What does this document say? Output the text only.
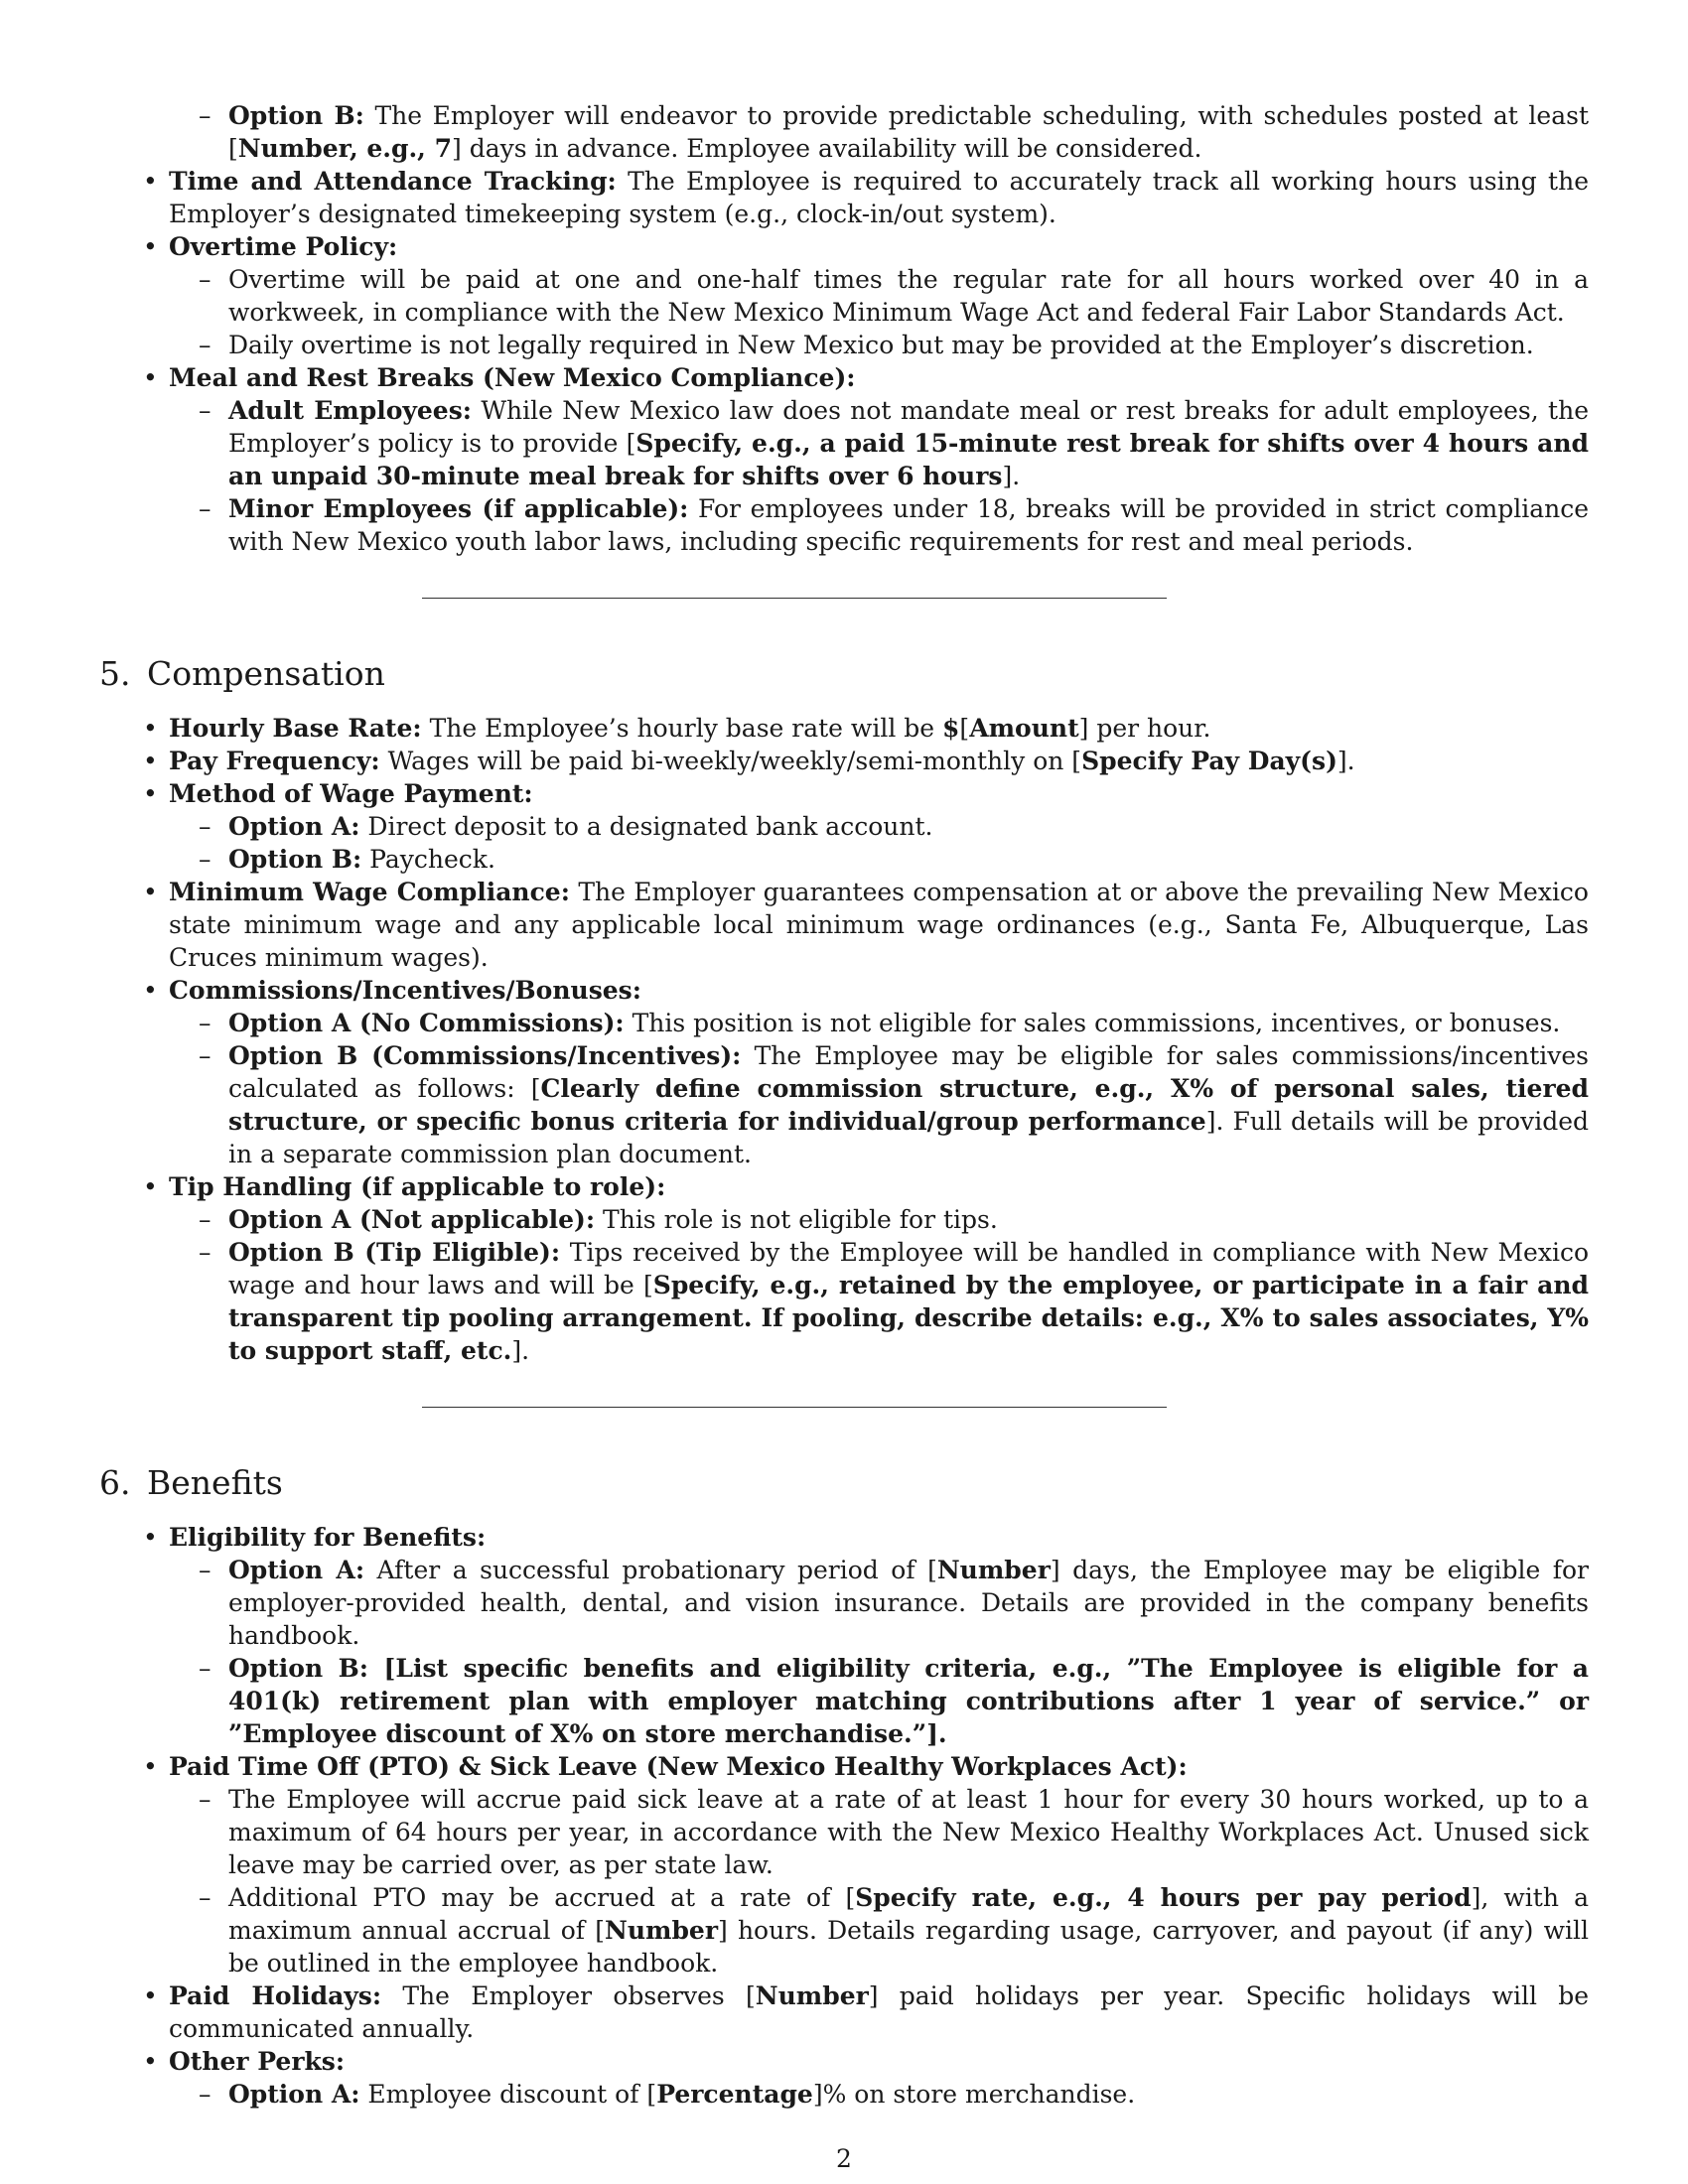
– Option B: The Employer will endeavor to provide predictable scheduling, with schedules posted at least [Number, e.g., 7] days in advance. Employee availability will be considered.

• Time and Attendance Tracking: The Employee is required to accurately track all working hours using the Employer’s designated timekeeping system (e.g., clock-in/out system).

• Overtime Policy:

– Overtime will be paid at one and one-half times the regular rate for all hours worked over 40 in a workweek, in compliance with the New Mexico Minimum Wage Act and federal Fair Labor Standards Act.

– Daily overtime is not legally required in New Mexico but may be provided at the Employer’s discretion.

• Meal and Rest Breaks (New Mexico Compliance):

– Adult Employees: While New Mexico law does not mandate meal or rest breaks for adult employees, the Employer’s policy is to provide [Specify, e.g., a paid 15-minute rest break for shifts over 4 hours and an unpaid 30-minute meal break for shifts over 6 hours].

– Minor Employees (if applicable): For employees under 18, breaks will be provided in strict compliance with New Mexico youth labor laws, including specific requirements for rest and meal periods.

5. Compensation

• Hourly Base Rate: The Employee’s hourly base rate will be $[Amount] per hour.

• Pay Frequency: Wages will be paid bi-weekly/weekly/semi-monthly on [Specify Pay Day(s)].

• Method of Wage Payment:

– Option A: Direct deposit to a designated bank account.

– Option B: Paycheck.

• Minimum Wage Compliance: The Employer guarantees compensation at or above the prevailing New Mexico state minimum wage and any applicable local minimum wage ordinances (e.g., Santa Fe, Albuquerque, Las Cruces minimum wages).

• Commissions/Incentives/Bonuses:

– Option A (No Commissions): This position is not eligible for sales commissions, incentives, or bonuses.

– Option B (Commissions/Incentives): The Employee may be eligible for sales commissions/incentives calculated as follows: [Clearly define commission structure, e.g., X% of personal sales, tiered structure, or specific bonus criteria for individual/group performance]. Full details will be provided in a separate commission plan document.

• Tip Handling (if applicable to role):

– Option A (Not applicable): This role is not eligible for tips.

– Option B (Tip Eligible): Tips received by the Employee will be handled in compliance with New Mexico wage and hour laws and will be [Specify, e.g., retained by the employee, or participate in a fair and transparent tip pooling arrangement. If pooling, describe details: e.g., X% to sales associates, Y% to support staff, etc.].

6. Benefits

• Eligibility for Benefits:

– Option A: After a successful probationary period of [Number] days, the Employee may be eligible for employer-provided health, dental, and vision insurance. Details are provided in the company benefits handbook.

– Option B: [List specific benefits and eligibility criteria, e.g., ”The Employee is eligible for a 401(k) retirement plan with employer matching contributions after 1 year of service.” or ”Employee discount of X% on store merchandise.”].

• Paid Time Off (PTO) & Sick Leave (New Mexico Healthy Workplaces Act):

– The Employee will accrue paid sick leave at a rate of at least 1 hour for every 30 hours worked, up to a maximum of 64 hours per year, in accordance with the New Mexico Healthy Workplaces Act. Unused sick leave may be carried over, as per state law.

– Additional PTO may be accrued at a rate of [Specify rate, e.g., 4 hours per pay period], with a maximum annual accrual of [Number] hours. Details regarding usage, carryover, and payout (if any) will be outlined in the employee handbook.

• Paid Holidays: The Employer observes [Number] paid holidays per year. Specific holidays will be communicated annually.

• Other Perks:

– Option A: Employee discount of [Percentage]% on store merchandise.

2
